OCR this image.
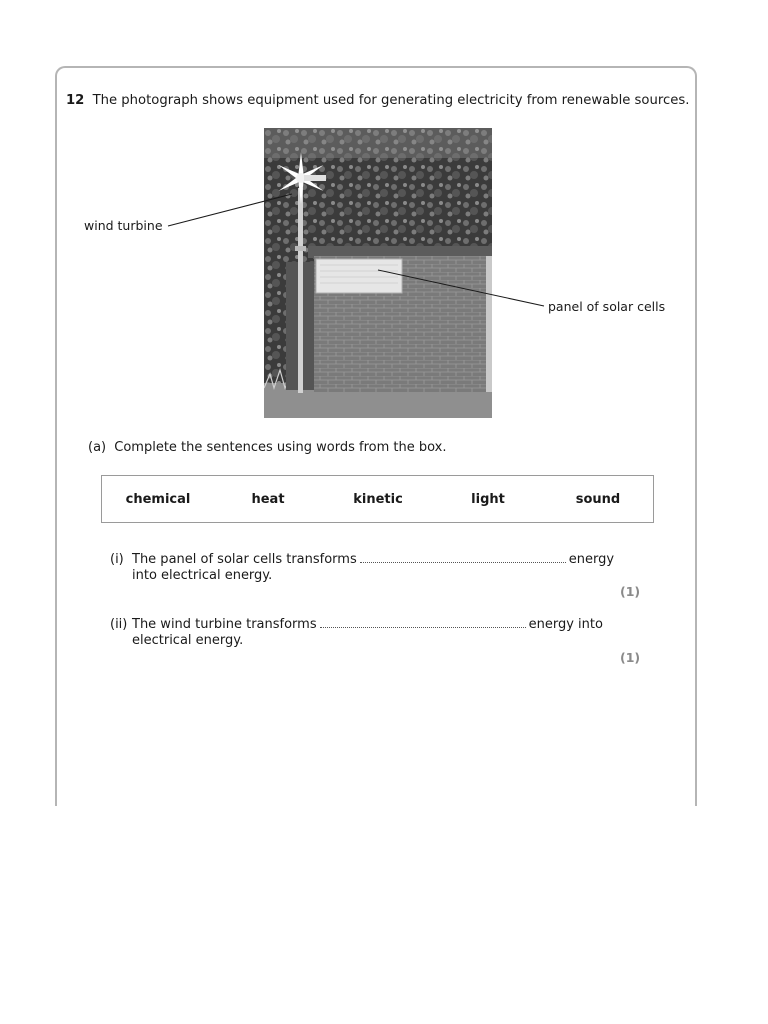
12 The photograph shows equipment used for generating electricity from renewable sources.
wind turbine
panel of solar cells
(a) Complete the sentences using words from the box.
chemical	heat	kinetic	light	sound
(i) The panel of solar cells transforms	energy
into electrical energy.
(1)
(ii) The wind turbine transforms	energy into
electrical energy.
(1)
